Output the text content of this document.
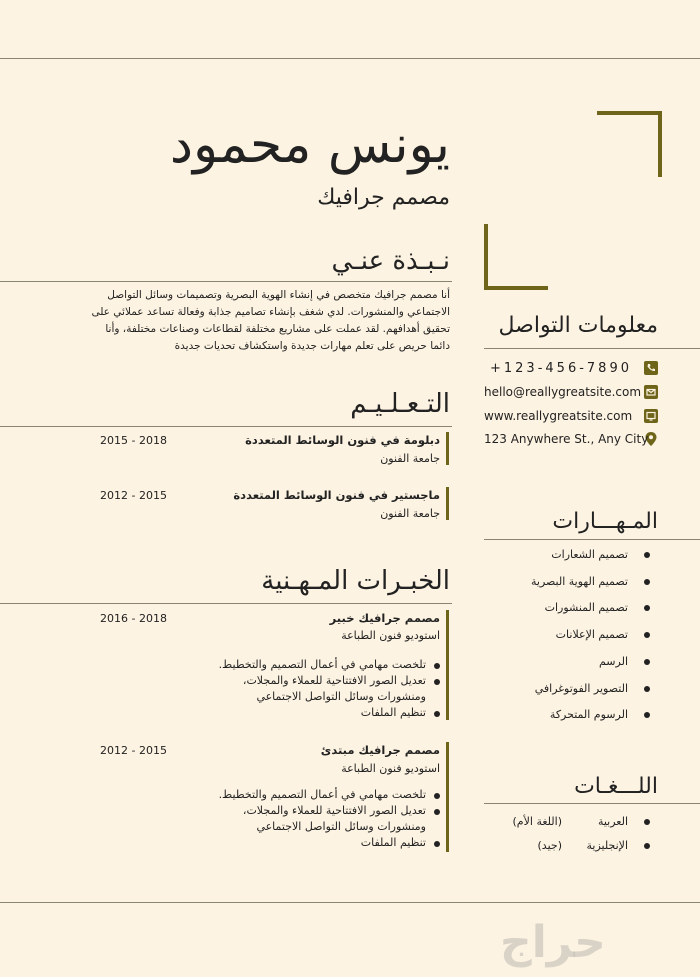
يونس محمود
مصمم جرافيك
نـبـذة عنـي
أنا مصمم جرافيك متخصص في إنشاء الهوية البصرية وتصميمات وسائل التواصل
الاجتماعي والمنشورات. لدي شغف بإنشاء تصاميم جذابة وفعالة تساعد عملائي على
تحقيق أهدافهم. لقد عملت على مشاريع مختلفة لقطاعات وصناعات مختلفة، وأنا
دائما حريص على تعلم مهارات جديدة واستكشاف تحديات جديدة
التـعـلـيـم
دبلومة في فنون الوسائط المتعددة
جامعة الفنون
2015 - 2018
ماجستير في فنون الوسائط المتعددة
جامعة الفنون
2012 - 2015
الخبـرات المـهـنية
مصمم جرافيك خبير
استوديو فنون الطباعة
2016 - 2018
تلخصت مهامي في أعمال التصميم والتخطيط.
تعديل الصور الافتتاحية للعملاء والمجلات،
ومنشورات وسائل التواصل الاجتماعي
تنظيم الملفات
مصمم جرافيك مبتدئ
استوديو فنون الطباعة
2012 - 2015
تلخصت مهامي في أعمال التصميم والتخطيط.
تعديل الصور الافتتاحية للعملاء والمجلات،
ومنشورات وسائل التواصل الاجتماعي
تنظيم الملفات
معلومات التواصل
+123-456-7890
hello@reallygreatsite.com
www.reallygreatsite.com
123 Anywhere St., Any City
المـهـــارات
تصميم الشعارات
تصميم الهوية البصرية
تصميم المنشورات
تصميم الإعلانات
الرسم
التصوير الفوتوغرافي
الرسوم المتحركة
اللـــغـات
العربية
(اللغة الأم)
الإنجليزية
(جيد)
حراج
